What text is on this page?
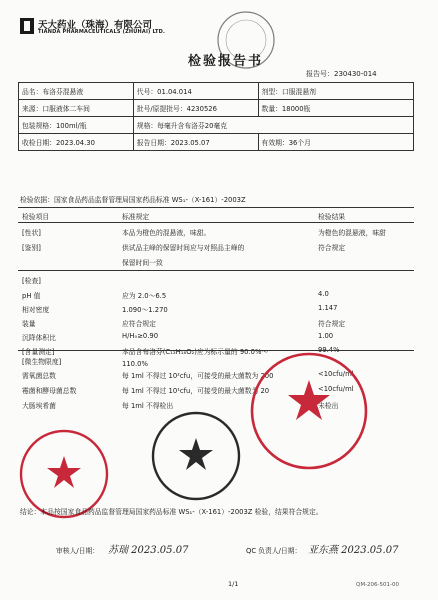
天大药业（珠海）有限公司
TIANDA PHARMACEUTICALS (ZHUHAI) LTD.
检验报告书
报告号：230430-014
品名：布洛芬混悬液	代号：01.04.014	剂型：口服混悬剂
来源：口服液体二车间	批号/原提批号：4230526	数量：18000瓶
包装规格：100ml/瓶	规格：每毫升含布洛芬20毫克	
收检日期：2023.04.30	报告日期：2023.05.07	有效期：36个月
检验依据：国家食品药品监督管理局国家药品标准 WS₁-（X-161）-2003Z
检验项目	标准规定	检验结果
[性状]	本品为橙色的混悬液，味甜。	为橙色的混悬液，味甜
[鉴别]	供试品主峰的保留时间应与对照品主峰的	符合规定
保留时间一致
[检查]
pH 值	应为 2.0～6.5	4.0
相对密度	1.090～1.270	1.147
装量	应符合规定	符合规定
沉降体积比	H/H₀≥0.90	1.00
[含量测定]	本品含布洛芬(C₁₃H₁₈O₂)应为标示量的 90.0%～	99.4%
110.0%
[微生物限度]
需氧菌总数	每 1ml 不得过 10²cfu，可接受的最大菌数为 200	<10cfu/ml
霉菌和酵母菌总数	每 1ml 不得过 10¹cfu，可接受的最大菌数为 20	<10cfu/ml
大肠埃希菌	每 1ml 不得检出	未检出
结论：本品按国家食品药品监督管理局国家药品标准 WS₁-（X-161）-2003Z 检验，结果符合规定。
审核人/日期： 苏瑞 2023.05.07	QC 负责人/日期： 亚东燕 2023.05.07
1/1	QM-206-501-00
